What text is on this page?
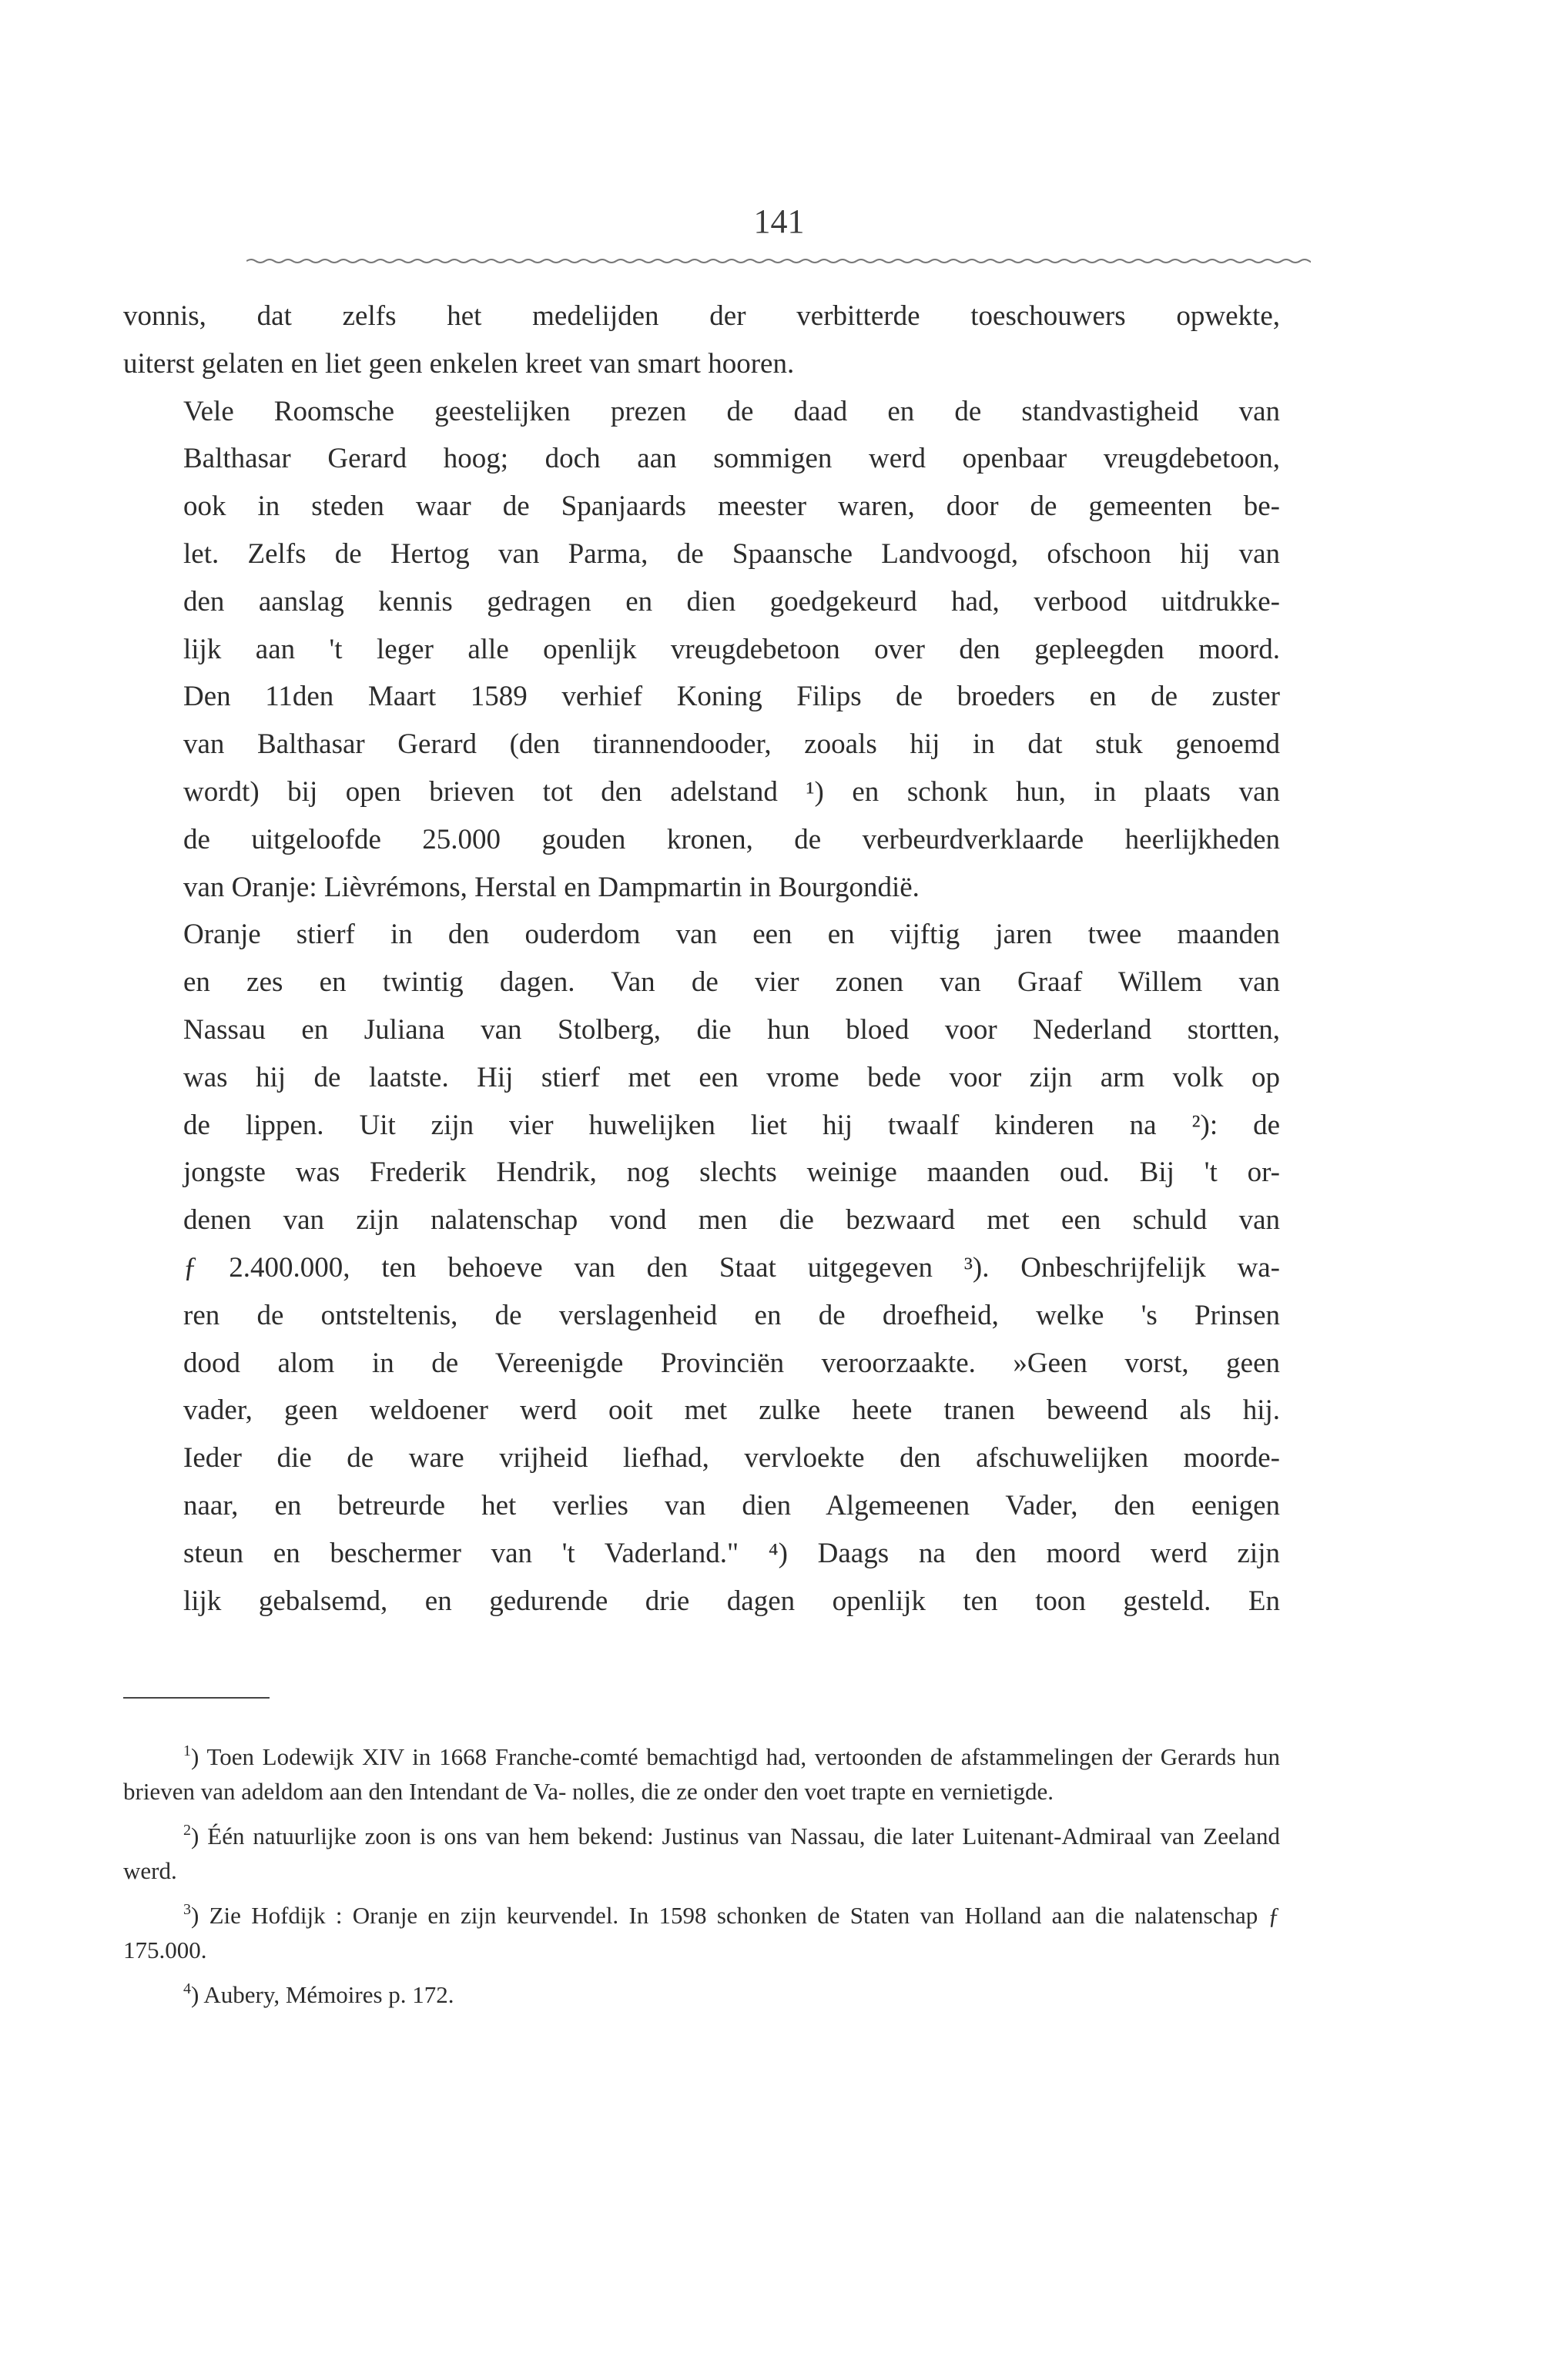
141

vonnis, dat zelfs het medelijden der verbitterde toeschouwers opwekte,
uiterst gelaten en liet geen enkelen kreet van smart hooren.

Vele Roomsche geestelijken prezen de daad en de standvastigheid van
Balthasar Gerard hoog; doch aan sommigen werd openbaar vreugdebetoon,
ook in steden waar de Spanjaards meester waren, door de gemeenten be-
let. Zelfs de Hertog van Parma, de Spaansche Landvoogd, ofschoon hij van
den aanslag kennis gedragen en dien goedgekeurd had, verbood uitdrukke-
lijk aan 't leger alle openlijk vreugdebetoon over den gepleegden moord.

Den 11den Maart 1589 verhief Koning Filips de broeders en de zuster
van Balthasar Gerard (den tirannendooder, zooals hij in dat stuk genoemd
wordt) bij open brieven tot den adelstand ¹) en schonk hun, in plaats van
de uitgeloofde 25.000 gouden kronen, de verbeurdverklaarde heerlijkheden
van Oranje: Lièvrémons, Herstal en Dampmartin in Bourgondië.

Oranje stierf in den ouderdom van een en vijftig jaren twee maanden
en zes en twintig dagen. Van de vier zonen van Graaf Willem van
Nassau en Juliana van Stolberg, die hun bloed voor Nederland stortten,
was hij de laatste. Hij stierf met een vrome bede voor zijn arm volk op
de lippen. Uit zijn vier huwelijken liet hij twaalf kinderen na ²): de
jongste was Frederik Hendrik, nog slechts weinige maanden oud. Bij 't or-
denen van zijn nalatenschap vond men die bezwaard met een schuld van
ƒ 2.400.000, ten behoeve van den Staat uitgegeven ³). Onbeschrijfelijk wa-
ren de ontsteltenis, de verslagenheid en de droefheid, welke 's Prinsen
dood alom in de Vereenigde Provinciën veroorzaakte. »Geen vorst, geen
vader, geen weldoener werd ooit met zulke heete tranen beweend als hij.
Ieder die de ware vrijheid liefhad, vervloekte den afschuwelijken moorde-
naar, en betreurde het verlies van dien Algemeenen Vader, den eenigen
steun en beschermer van 't Vaderland." ⁴) Daags na den moord werd zijn
lijk gebalsemd, en gedurende drie dagen openlijk ten toon gesteld. En

$^1$) Toen Lodewijk XIV in 1668 Franche-comté bemachtigd had, vertoonden de afstammelingen der Gerards hun brieven van adeldom aan den Intendant de Va- nolles, die ze onder den voet trapte en vernietigde.

$^2$) Één natuurlijke zoon is ons van hem bekend: Justinus van Nassau, die later Luitenant-Admiraal van Zeeland werd.

$^3$) Zie Hofdijk : Oranje en zijn keurvendel. In 1598 schonken de Staten van Holland aan die nalatenschap ƒ 175.000.

$^4$) Aubery, Mémoires p. 172.
